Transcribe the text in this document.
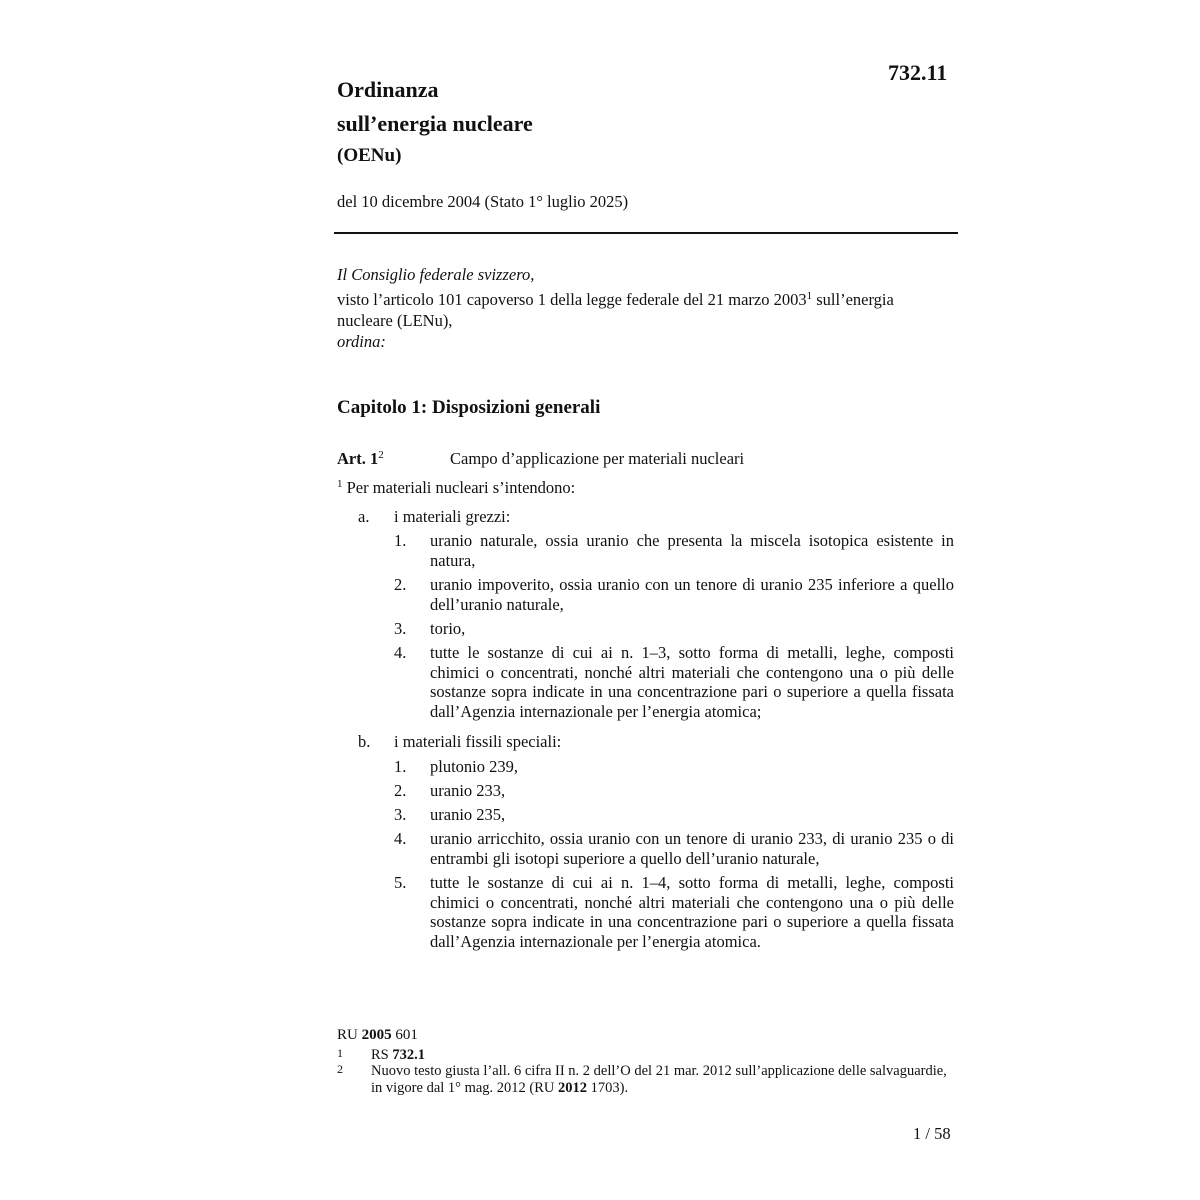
732.11
Ordinanza
sull’energia nucleare
(OENu)
del 10 dicembre 2004 (Stato 1° luglio 2025)
Il Consiglio federale svizzero,
visto l’articolo 101 capoverso 1 della legge federale del 21 marzo 2003$^1$ sull’energia
nucleare (LENu),
ordina:
Capitolo 1: Disposizioni generali
Art. 1$^2$	Campo d’applicazione per materiali nucleari
$^1$ Per materiali nucleari s’intendono:
a. i materiali grezzi:
1. uranio naturale, ossia uranio che presenta la miscela isotopica esistente in natura,
2. uranio impoverito, ossia uranio con un tenore di uranio 235 inferiore a quello dell’uranio naturale,
3. torio,
4. tutte le sostanze di cui ai n. 1–3, sotto forma di metalli, leghe, composti chimici o concentrati, nonché altri materiali che contengono una o più delle sostanze sopra indicate in una concentrazione pari o superiore a quella fissata dall’Agenzia internazionale per l’energia atomica;
b. i materiali fissili speciali:
1. plutonio 239,
2. uranio 233,
3. uranio 235,
4. uranio arricchito, ossia uranio con un tenore di uranio 233, di uranio 235 o di entrambi gli isotopi superiore a quello dell’uranio naturale,
5. tutte le sostanze di cui ai n. 1–4, sotto forma di metalli, leghe, composti chimici o concentrati, nonché altri materiali che contengono una o più delle sostanze sopra indicate in una concentrazione pari o superiore a quella fissata dall’Agenzia internazionale per l’energia atomica.
RU 2005 601
1 RS 732.1
2 Nuovo testo giusta l’all. 6 cifra II n. 2 dell’O del 21 mar. 2012 sull’applicazione delle salvaguardie, in vigore dal 1° mag. 2012 (RU 2012 1703).
1 / 58
